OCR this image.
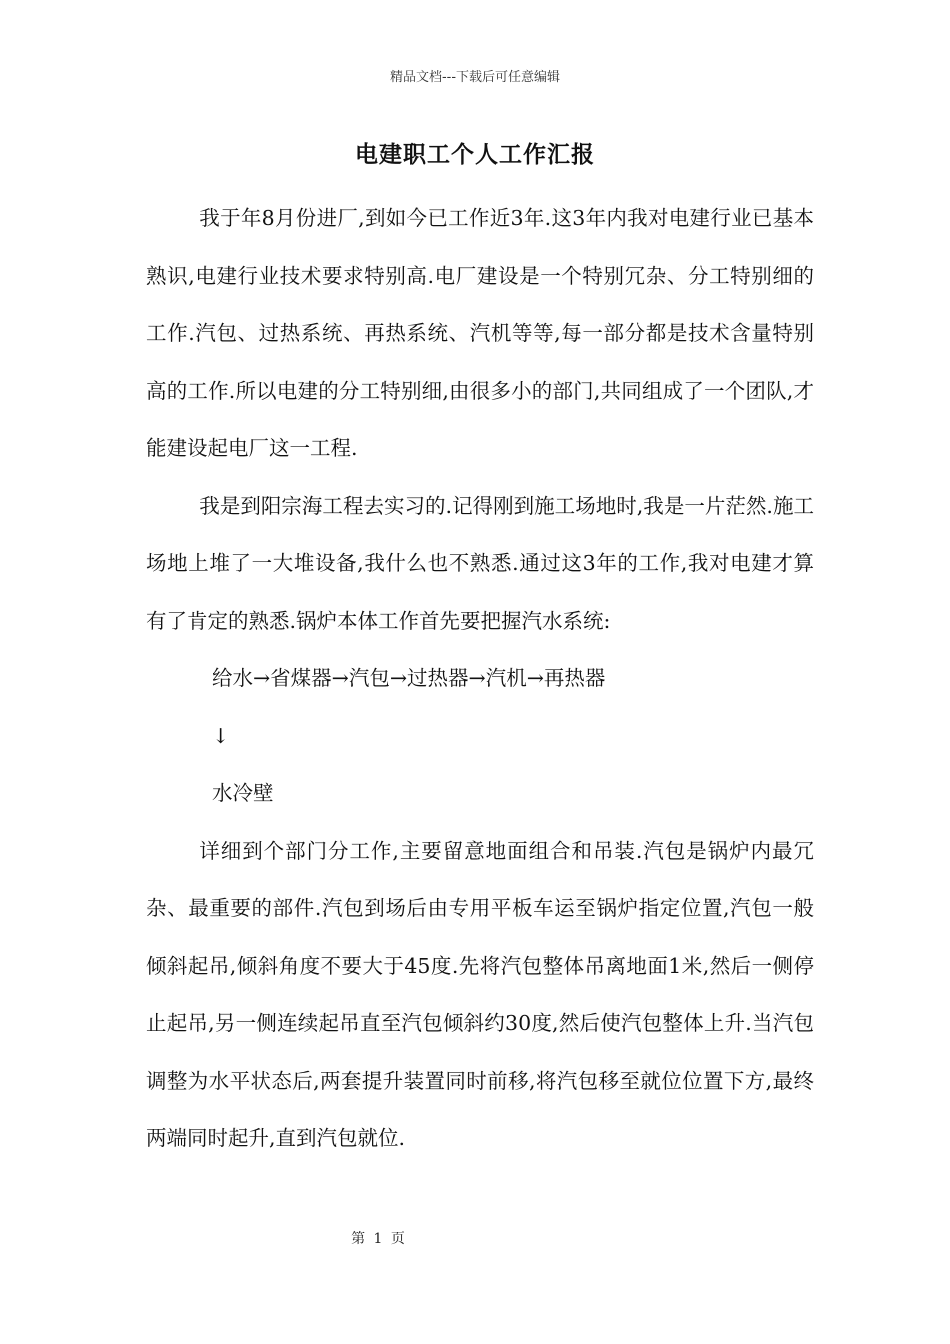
精品文档---下载后可任意编辑
电建职工个人工作汇报

我于年8月份进厂,到如今已工作近3年.这3年内我对电建行业已基本熟识,电建行业技术要求特别高.电厂建设是一个特别冗杂、分工特别细的工作.汽包、过热系统、再热系统、汽机等等,每一部分都是技术含量特别高的工作.所以电建的分工特别细,由很多小的部门,共同组成了一个团队,才能建设起电厂这一工程.

我是到阳宗海工程去实习的.记得刚到施工场地时,我是一片茫然.施工场地上堆了一大堆设备,我什么也不熟悉.通过这3年的工作,我对电建才算有了肯定的熟悉.锅炉本体工作首先要把握汽水系统:

给水→省煤器→汽包→过热器→汽机→再热器

↓

水冷壁

详细到个部门分工作,主要留意地面组合和吊装.汽包是锅炉内最冗杂、最重要的部件.汽包到场后由专用平板车运至锅炉指定位置,汽包一般倾斜起吊,倾斜角度不要大于45度.先将汽包整体吊离地面1米,然后一侧停止起吊,另一侧连续起吊直至汽包倾斜约30度,然后使汽包整体上升.当汽包调整为水平状态后,两套提升装置同时前移,将汽包移至就位位置下方,最终两端同时起升,直到汽包就位.

第 1 页
